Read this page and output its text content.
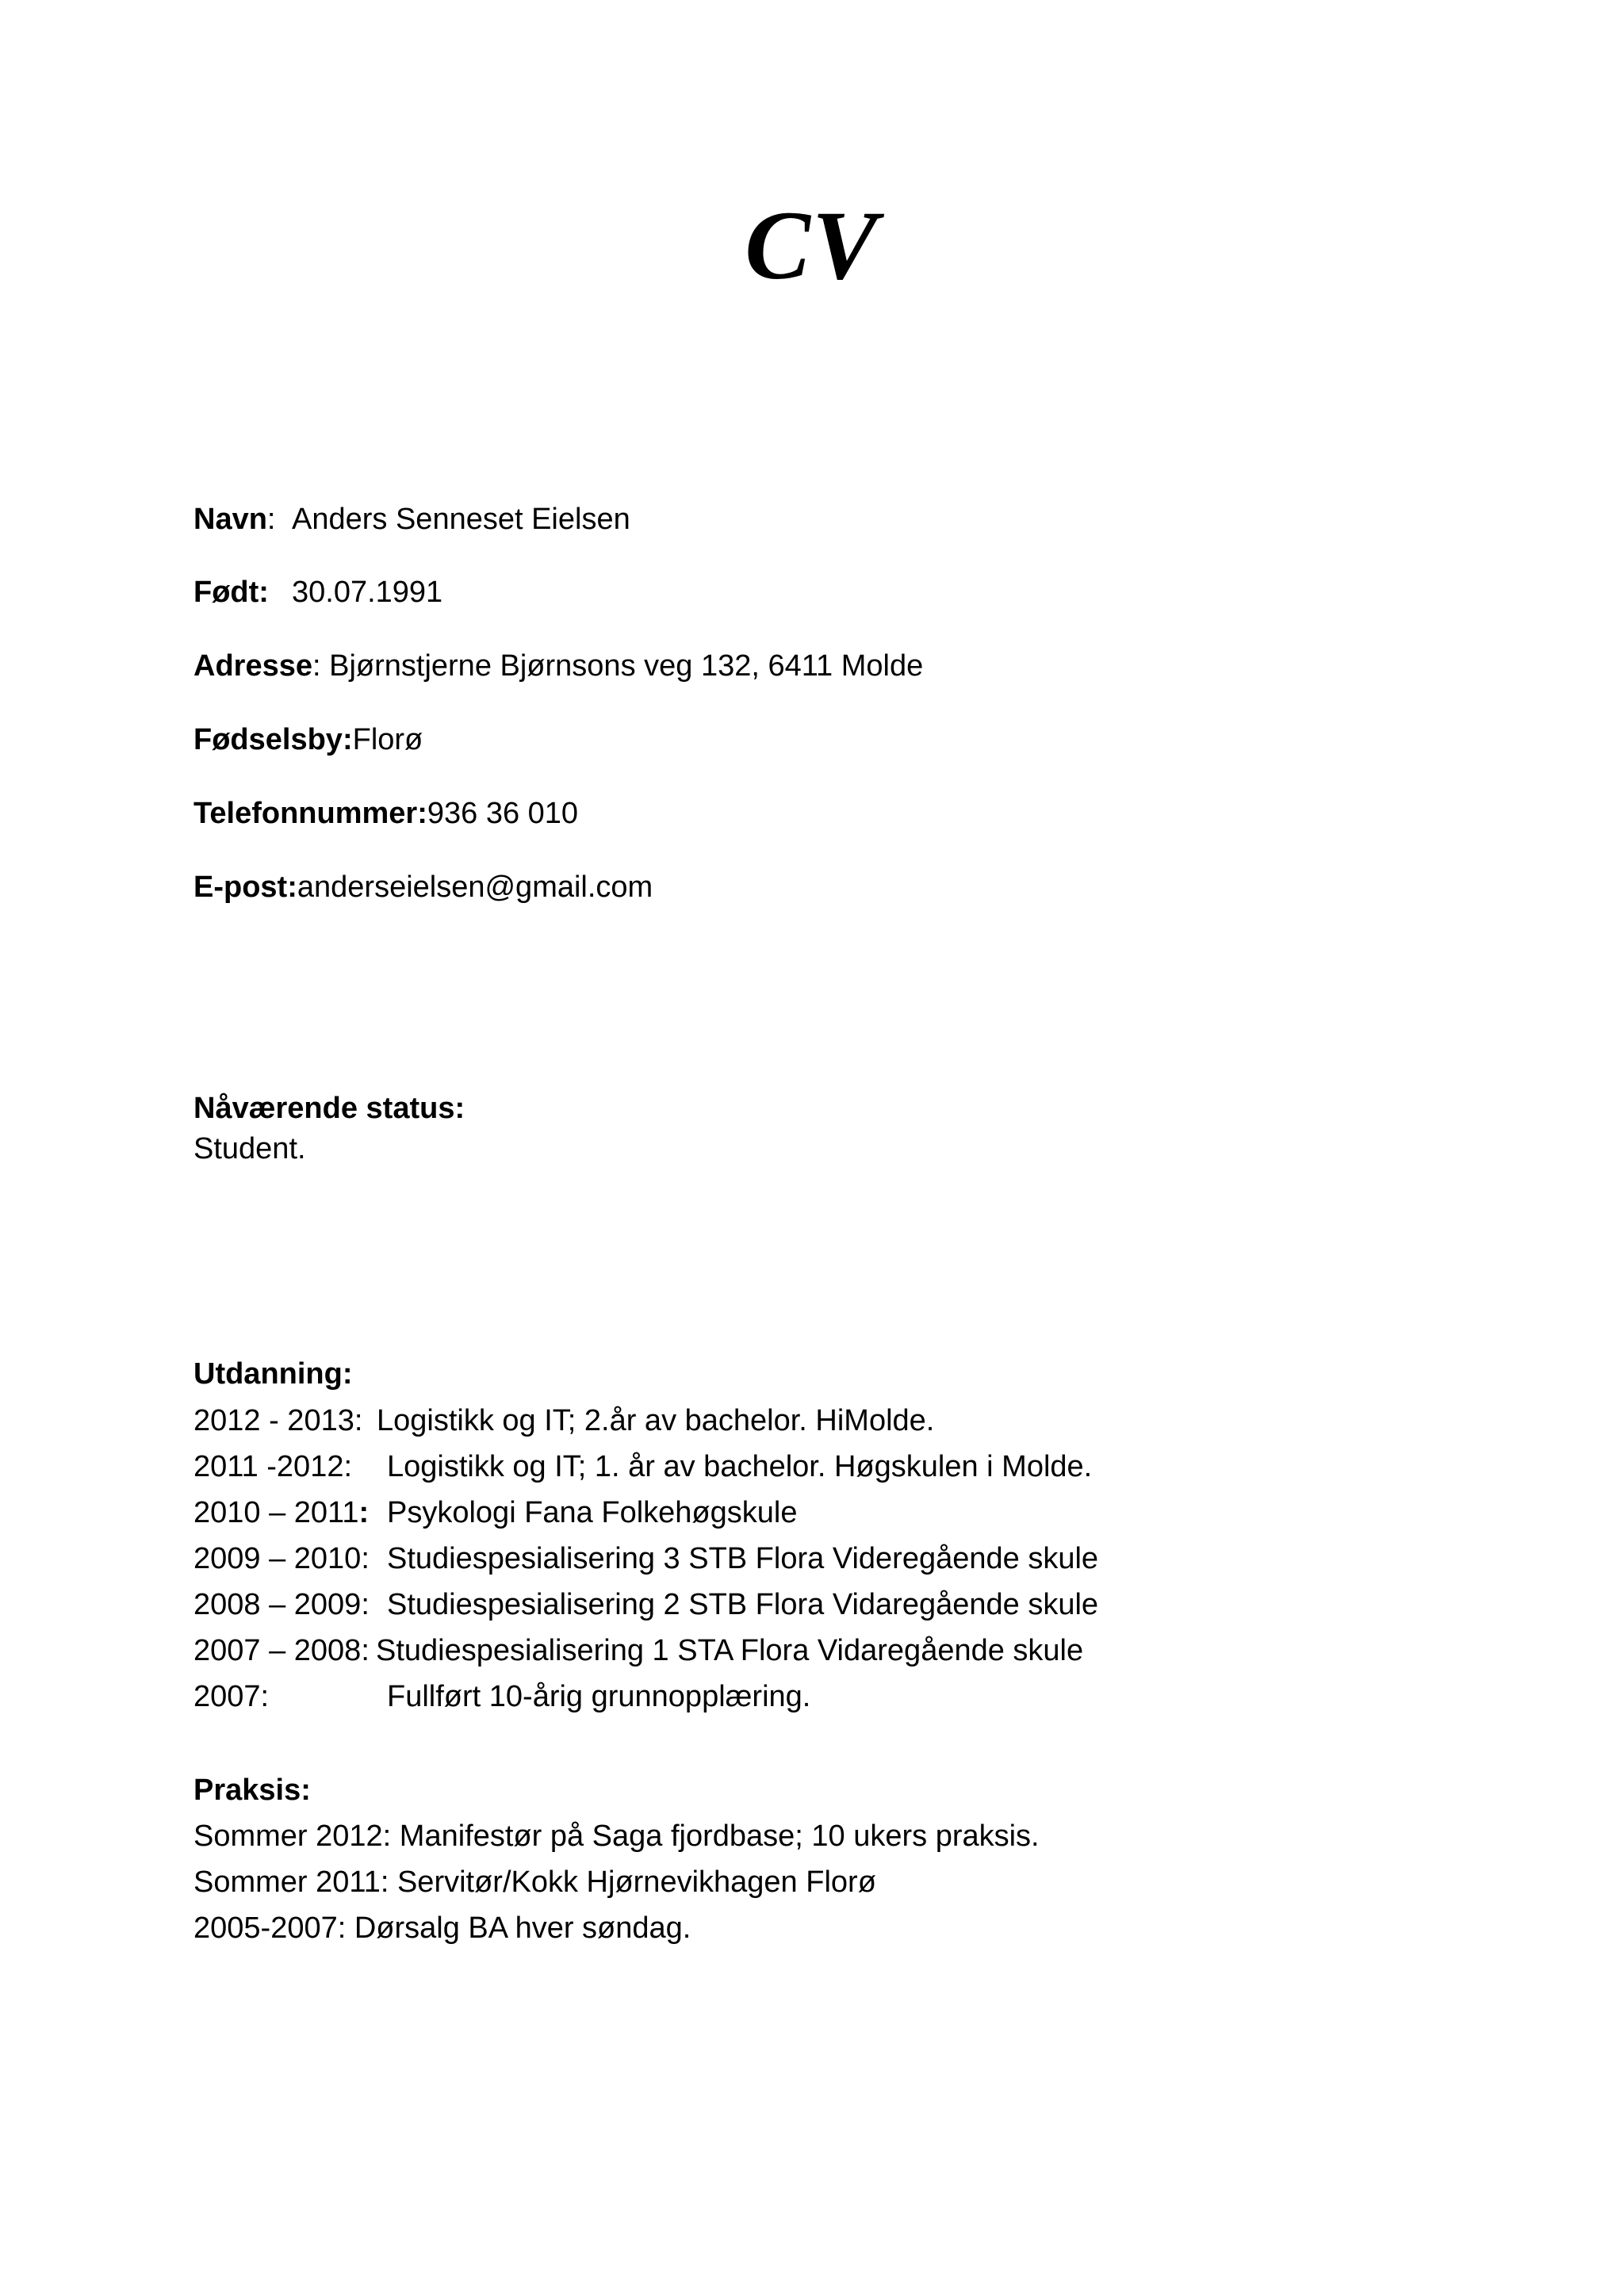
CV
Navn: Anders Senneset Eielsen
Født: 30.07.1991
Adresse: Bjørnstjerne Bjørnsons veg 132, 6411 Molde
Fødselsby:Florø
Telefonnummer:936 36 010
E-post:anderseielsen@gmail.com
Nåværende status:
Student.
Utdanning:
2012 - 2013: Logistikk og IT; 2.år av bachelor. HiMolde.
2011 -2012: Logistikk og IT; 1. år av bachelor. Høgskulen i Molde.
2010 – 2011: Psykologi Fana Folkehøgskule
2009 – 2010: Studiespesialisering 3 STB Flora Videregående skule
2008 – 2009: Studiespesialisering 2 STB Flora Vidaregående skule
2007 – 2008: Studiespesialisering 1 STA Flora Vidaregående skule
2007:	Fullført 10-årig grunnopplæring.
Praksis:
Sommer 2012: Manifestør på Saga fjordbase; 10 ukers praksis.
Sommer 2011: Servitør/Kokk Hjørnevikhagen Florø
2005-2007: Dørsalg BA hver søndag.
